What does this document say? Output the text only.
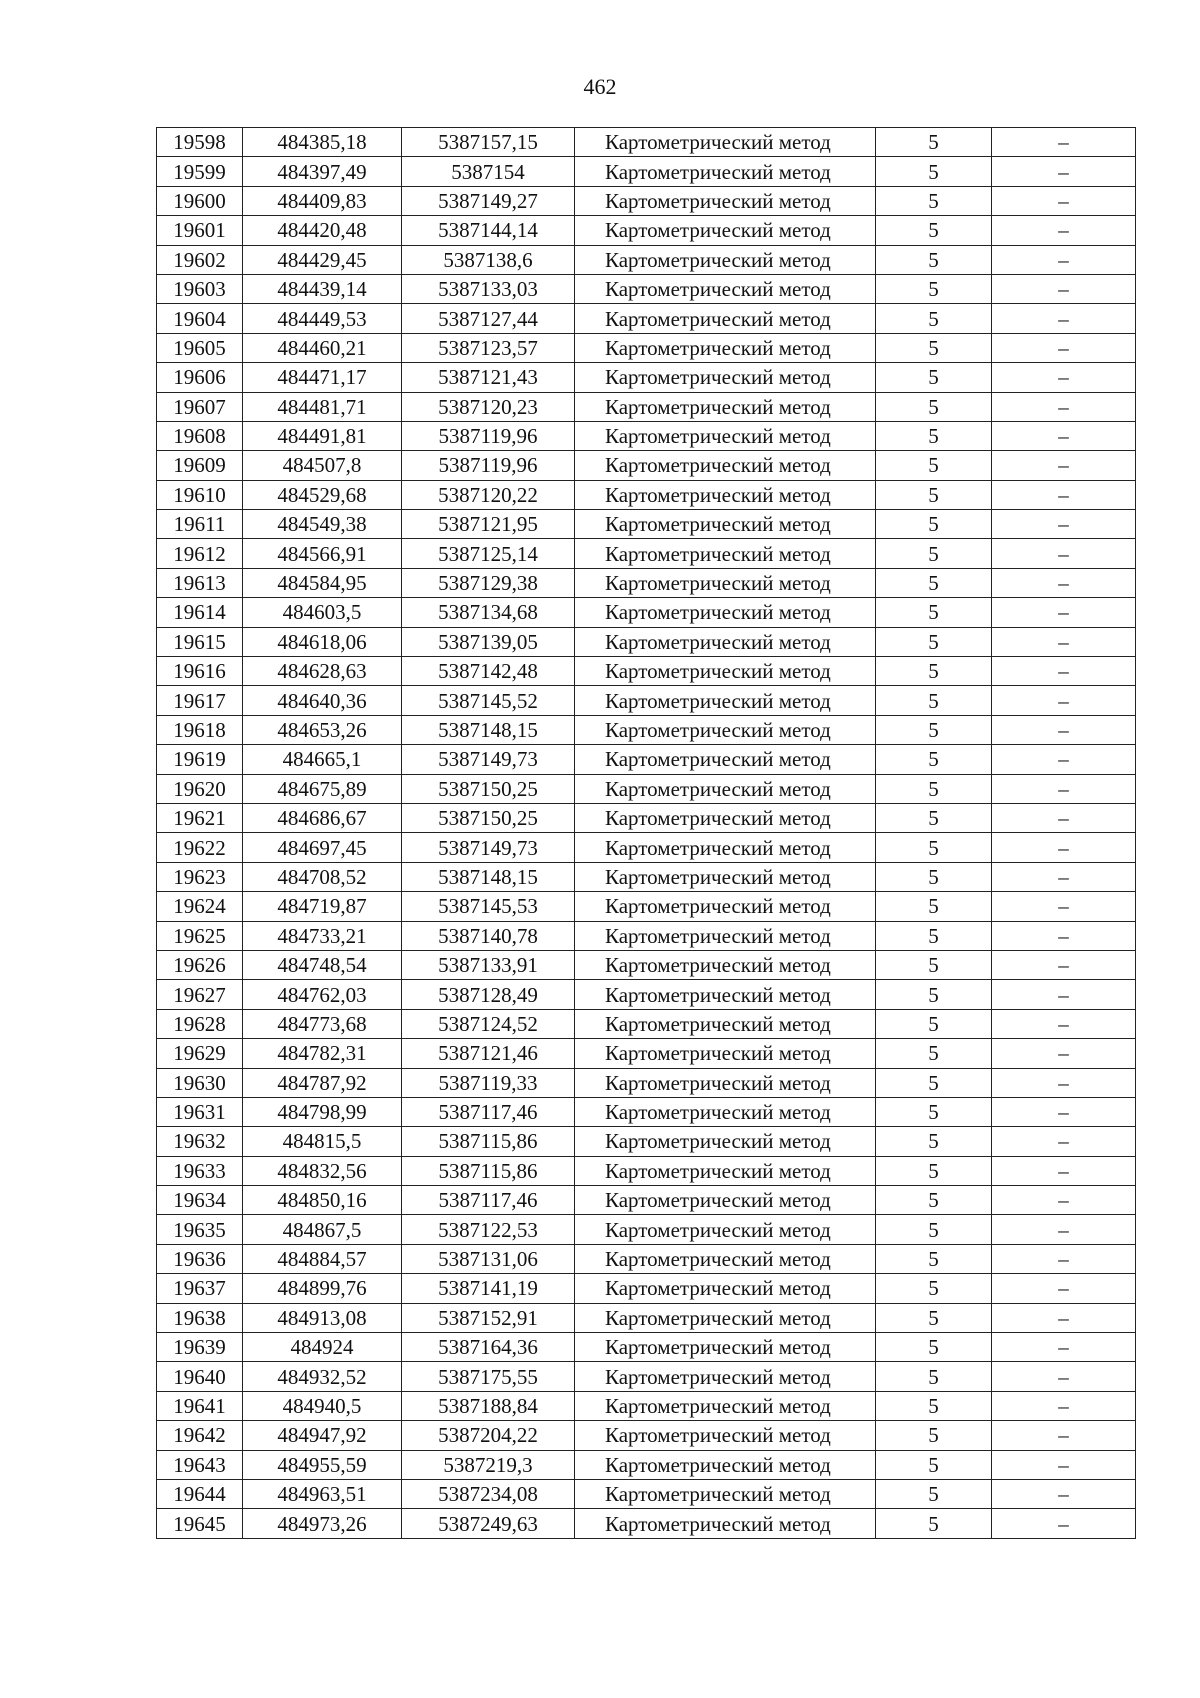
462
19598	484385,18	5387157,15	Картометрический метод	5	–
19599	484397,49	5387154	Картометрический метод	5	–
19600	484409,83	5387149,27	Картометрический метод	5	–
19601	484420,48	5387144,14	Картометрический метод	5	–
19602	484429,45	5387138,6	Картометрический метод	5	–
19603	484439,14	5387133,03	Картометрический метод	5	–
19604	484449,53	5387127,44	Картометрический метод	5	–
19605	484460,21	5387123,57	Картометрический метод	5	–
19606	484471,17	5387121,43	Картометрический метод	5	–
19607	484481,71	5387120,23	Картометрический метод	5	–
19608	484491,81	5387119,96	Картометрический метод	5	–
19609	484507,8	5387119,96	Картометрический метод	5	–
19610	484529,68	5387120,22	Картометрический метод	5	–
19611	484549,38	5387121,95	Картометрический метод	5	–
19612	484566,91	5387125,14	Картометрический метод	5	–
19613	484584,95	5387129,38	Картометрический метод	5	–
19614	484603,5	5387134,68	Картометрический метод	5	–
19615	484618,06	5387139,05	Картометрический метод	5	–
19616	484628,63	5387142,48	Картометрический метод	5	–
19617	484640,36	5387145,52	Картометрический метод	5	–
19618	484653,26	5387148,15	Картометрический метод	5	–
19619	484665,1	5387149,73	Картометрический метод	5	–
19620	484675,89	5387150,25	Картометрический метод	5	–
19621	484686,67	5387150,25	Картометрический метод	5	–
19622	484697,45	5387149,73	Картометрический метод	5	–
19623	484708,52	5387148,15	Картометрический метод	5	–
19624	484719,87	5387145,53	Картометрический метод	5	–
19625	484733,21	5387140,78	Картометрический метод	5	–
19626	484748,54	5387133,91	Картометрический метод	5	–
19627	484762,03	5387128,49	Картометрический метод	5	–
19628	484773,68	5387124,52	Картометрический метод	5	–
19629	484782,31	5387121,46	Картометрический метод	5	–
19630	484787,92	5387119,33	Картометрический метод	5	–
19631	484798,99	5387117,46	Картометрический метод	5	–
19632	484815,5	5387115,86	Картометрический метод	5	–
19633	484832,56	5387115,86	Картометрический метод	5	–
19634	484850,16	5387117,46	Картометрический метод	5	–
19635	484867,5	5387122,53	Картометрический метод	5	–
19636	484884,57	5387131,06	Картометрический метод	5	–
19637	484899,76	5387141,19	Картометрический метод	5	–
19638	484913,08	5387152,91	Картометрический метод	5	–
19639	484924	5387164,36	Картометрический метод	5	–
19640	484932,52	5387175,55	Картометрический метод	5	–
19641	484940,5	5387188,84	Картометрический метод	5	–
19642	484947,92	5387204,22	Картометрический метод	5	–
19643	484955,59	5387219,3	Картометрический метод	5	–
19644	484963,51	5387234,08	Картометрический метод	5	–
19645	484973,26	5387249,63	Картометрический метод	5	–
